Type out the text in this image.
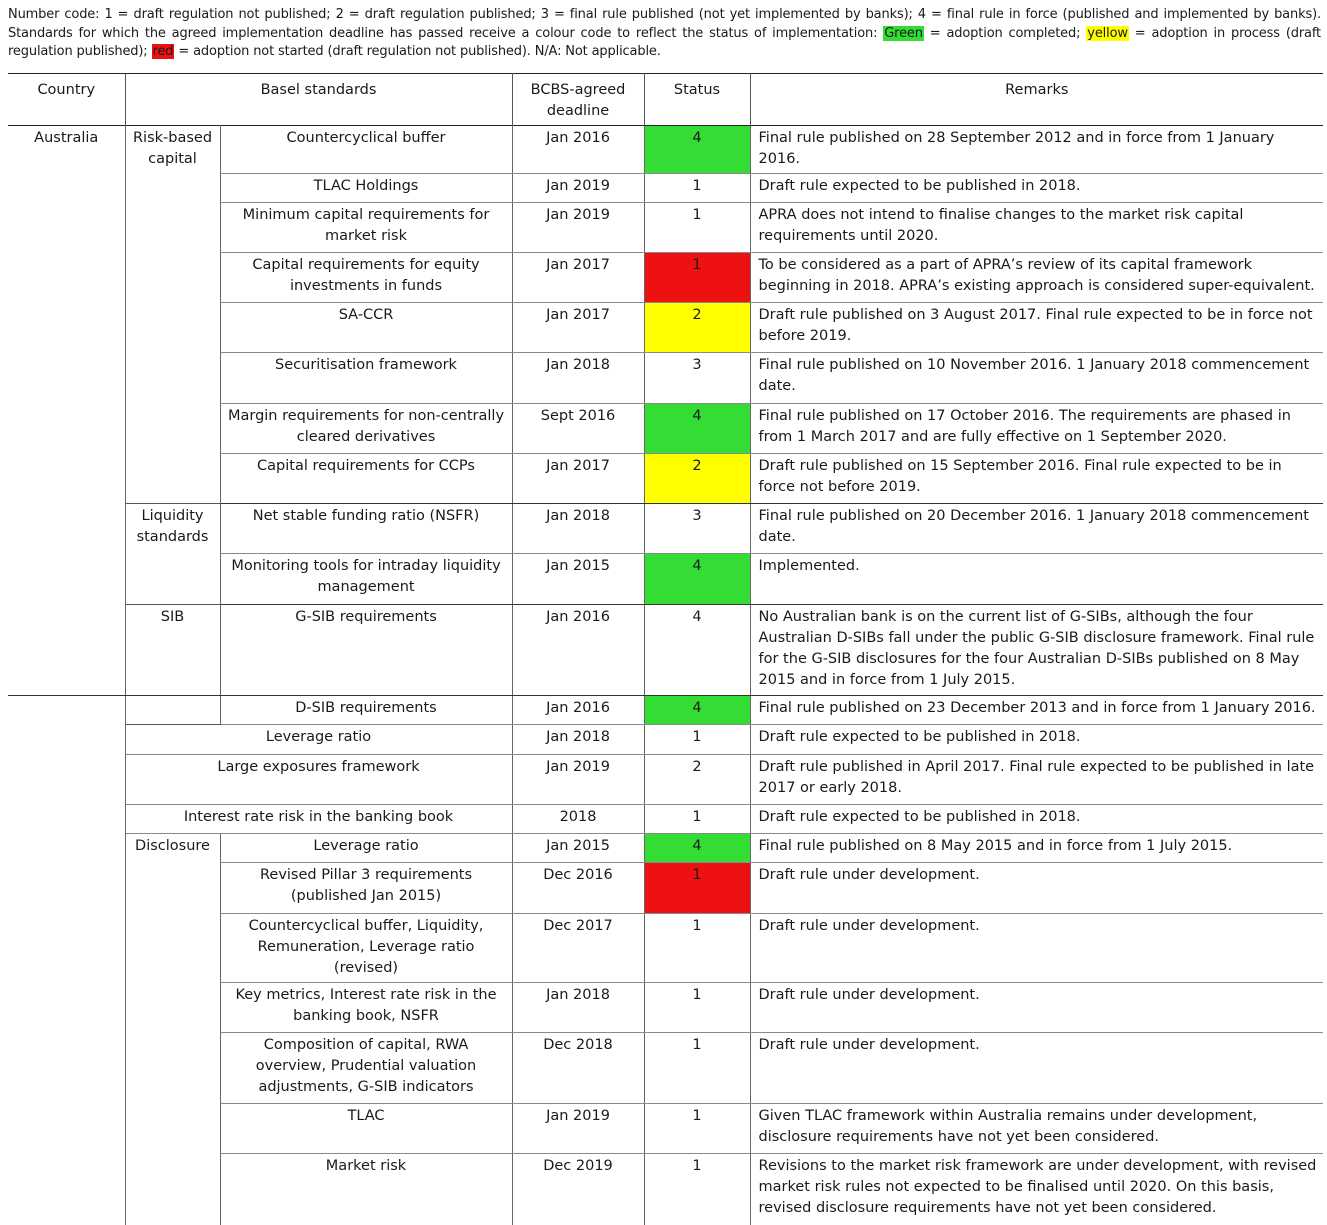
Number code: 1 = draft regulation not published; 2 = draft regulation published; 3 = final rule published (not yet implemented by banks); 4 = final rule in force (published and implemented by banks). Standards for which the agreed implementation deadline has passed receive a colour code to reflect the status of implementation: Green = adoption completed; yellow = adoption in process (draft regulation published); red = adoption not started (draft regulation not published). N/A: Not applicable.
Country	Basel standards		BCBS-agreed deadline	Status	Remarks
Australia	Risk-based capital	Countercyclical buffer	Jan 2016	4	Final rule published on 28 September 2012 and in force from 1 January 2016.
		TLAC Holdings	Jan 2019	1	Draft rule expected to be published in 2018.
		Minimum capital requirements for market risk	Jan 2019	1	APRA does not intend to finalise changes to the market risk capital requirements until 2020.
		Capital requirements for equity investments in funds	Jan 2017	1	To be considered as a part of APRA’s review of its capital framework beginning in 2018. APRA’s existing approach is considered super-equivalent.
		SA-CCR	Jan 2017	2	Draft rule published on 3 August 2017. Final rule expected to be in force not before 2019.
		Securitisation framework	Jan 2018	3	Final rule published on 10 November 2016. 1 January 2018 commencement date.
		Margin requirements for non-centrally cleared derivatives	Sept 2016	4	Final rule published on 17 October 2016. The requirements are phased in from 1 March 2017 and are fully effective on 1 September 2020.
		Capital requirements for CCPs	Jan 2017	2	Draft rule published on 15 September 2016. Final rule expected to be in force not before 2019.
	Liquidity standards	Net stable funding ratio (NSFR)	Jan 2018	3	Final rule published on 20 December 2016. 1 January 2018 commencement date.
		Monitoring tools for intraday liquidity management	Jan 2015	4	Implemented.
	SIB	G-SIB requirements	Jan 2016	4	No Australian bank is on the current list of G-SIBs, although the four Australian D-SIBs fall under the public G-SIB disclosure framework. Final rule for the G-SIB disclosures for the four Australian D-SIBs published on 8 May 2015 and in force from 1 July 2015.
		D-SIB requirements	Jan 2016	4	Final rule published on 23 December 2013 and in force from 1 January 2016.
	Leverage ratio		Jan 2018	1	Draft rule expected to be published in 2018.
	Large exposures framework		Jan 2019	2	Draft rule published in April 2017. Final rule expected to be published in late 2017 or early 2018.
	Interest rate risk in the banking book		2018	1	Draft rule expected to be published in 2018.
	Disclosure	Leverage ratio	Jan 2015	4	Final rule published on 8 May 2015 and in force from 1 July 2015.
		Revised Pillar 3 requirements (published Jan 2015)	Dec 2016	1	Draft rule under development.
		Countercyclical buffer, Liquidity, Remuneration, Leverage ratio (revised)	Dec 2017	1	Draft rule under development.
		Key metrics, Interest rate risk in the banking book, NSFR	Jan 2018	1	Draft rule under development.
		Composition of capital, RWA overview, Prudential valuation adjustments, G-SIB indicators	Dec 2018	1	Draft rule under development.
		TLAC	Jan 2019	1	Given TLAC framework within Australia remains under development, disclosure requirements have not yet been considered.
		Market risk	Dec 2019	1	Revisions to the market risk framework are under development, with revised market risk rules not expected to be finalised until 2020. On this basis, revised disclosure requirements have not yet been considered.
